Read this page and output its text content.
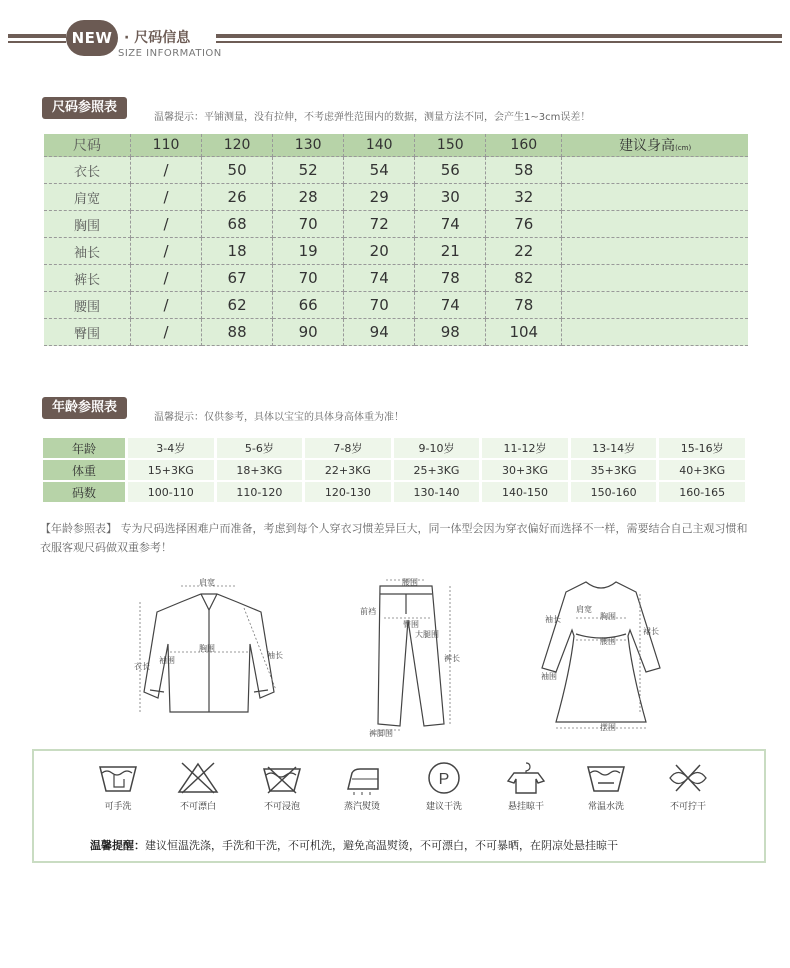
NEW · 尺码信息
SIZE INFORMATION
尺码参照表
温馨提示：平铺测量，没有拉伸，不考虑弹性范围内的数据，测量方法不同，会产生1~3cm误差！
尺码	110	120	130	140	150	160	建议身高(cm)
衣长	/	50	52	54	56	58	
肩宽	/	26	28	29	30	32	
胸围	/	68	70	72	74	76	
袖长	/	18	19	20	21	22	
裤长	/	67	70	74	78	82	
腰围	/	62	66	70	74	78	
臀围	/	88	90	94	98	104	
年龄参照表
温馨提示：仅供参考，具体以宝宝的具体身高体重为准！
年龄	3-4岁	5-6岁	7-8岁	9-10岁	11-12岁	13-14岁	15-16岁
体重	15+3KG	18+3KG	22+3KG	25+3KG	30+3KG	35+3KG	40+3KG
码数	100-110	110-120	120-130	130-140	140-150	150-160	160-165
【年龄参照表】 专为尺码选择困难户而准备，考虑到每个人穿衣习惯差异巨大，同一体型会因为穿衣偏好而选择不一样，需要结合自己主观习惯和衣服客观尺码做双重参考！
肩宽
胸围
衣长
袖长
袖围
腰围
前裆
臀围
大腿围
裤长
裤脚围
肩宽
胸围
腰围
袖长
裙长
袖围
摆围
可手洗	不可漂白	不可浸泡	蒸汽熨烫
P
建议干洗	悬挂晾干	常温水洗	不可拧干
温馨提醒：建议恒温洗涤，手洗和干洗，不可机洗，避免高温熨烫，不可漂白，不可暴晒，在阴凉处悬挂晾干
